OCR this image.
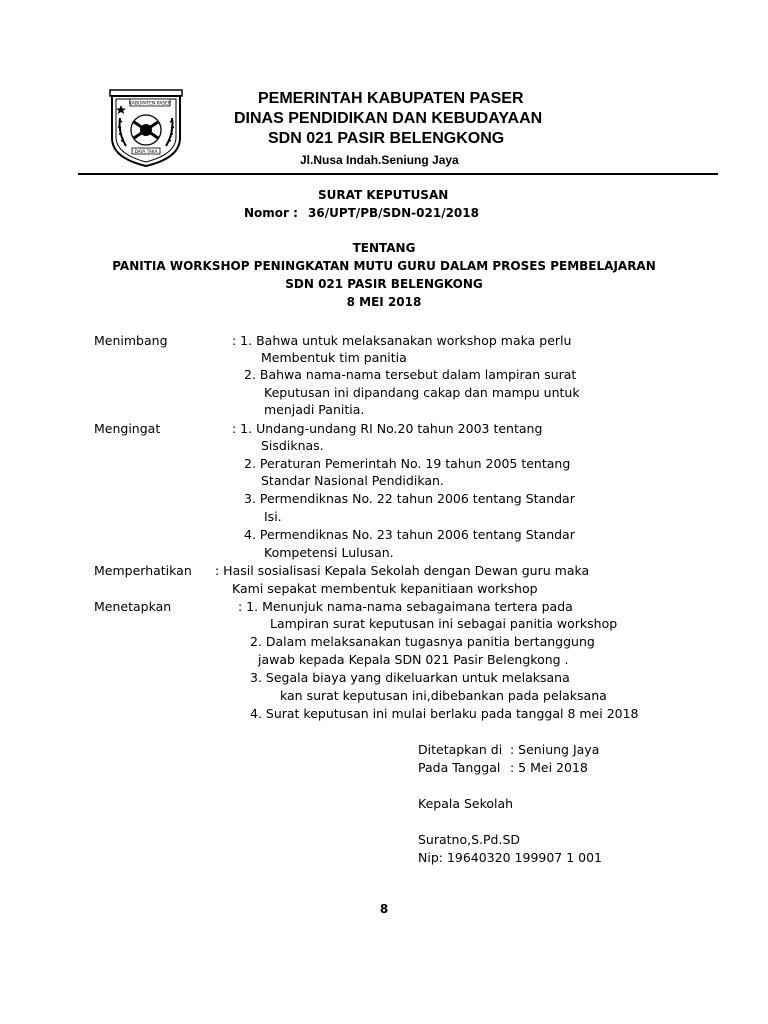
KABUPATEN PASER
DAYA TAKA
PEMERINTAH KABUPATEN PASER
DINAS PENDIDIKAN DAN KEBUDAYAAN
SDN 021 PASIR BELENGKONG
Jl.Nusa Indah.Seniung Jaya
SURAT KEPUTUSAN
Nomor : 36/UPT/PB/SDN-021/2018
TENTANG
PANITIA WORKSHOP PENINGKATAN MUTU GURU DALAM PROSES PEMBELAJARAN
SDN 021 PASIR BELENGKONG
8 MEI 2018
Menimbang	: 1. Bahwa untuk melaksanakan workshop maka perlu
Membentuk tim panitia
2. Bahwa nama-nama tersebut dalam lampiran surat
Keputusan ini dipandang cakap dan mampu untuk
menjadi Panitia.
Mengingat	: 1. Undang-undang RI No.20 tahun 2003 tentang
Sisdiknas.
2. Peraturan Pemerintah No. 19 tahun 2005 tentang
Standar Nasional Pendidikan.
3. Permendiknas No. 22 tahun 2006 tentang Standar
Isi.
4. Permendiknas No. 23 tahun 2006 tentang Standar
Kompetensi Lulusan.
Memperhatikan : Hasil sosialisasi Kepala Sekolah dengan Dewan guru maka
Kami sepakat membentuk kepanitiaan workshop
Menetapkan	: 1. Menunjuk nama-nama sebagaimana tertera pada
Lampiran surat keputusan ini sebagai panitia workshop
2. Dalam melaksanakan tugasnya panitia bertanggung
jawab kepada Kepala SDN 021 Pasir Belengkong .
3. Segala biaya yang dikeluarkan untuk melaksana
kan surat keputusan ini,dibebankan pada pelaksana
4. Surat keputusan ini mulai berlaku pada tanggal 8 mei 2018
Ditetapkan di : Seniung Jaya
Pada Tanggal : 5 Mei 2018
Kepala Sekolah
Suratno,S.Pd.SD
Nip: 19640320 199907 1 001
8
